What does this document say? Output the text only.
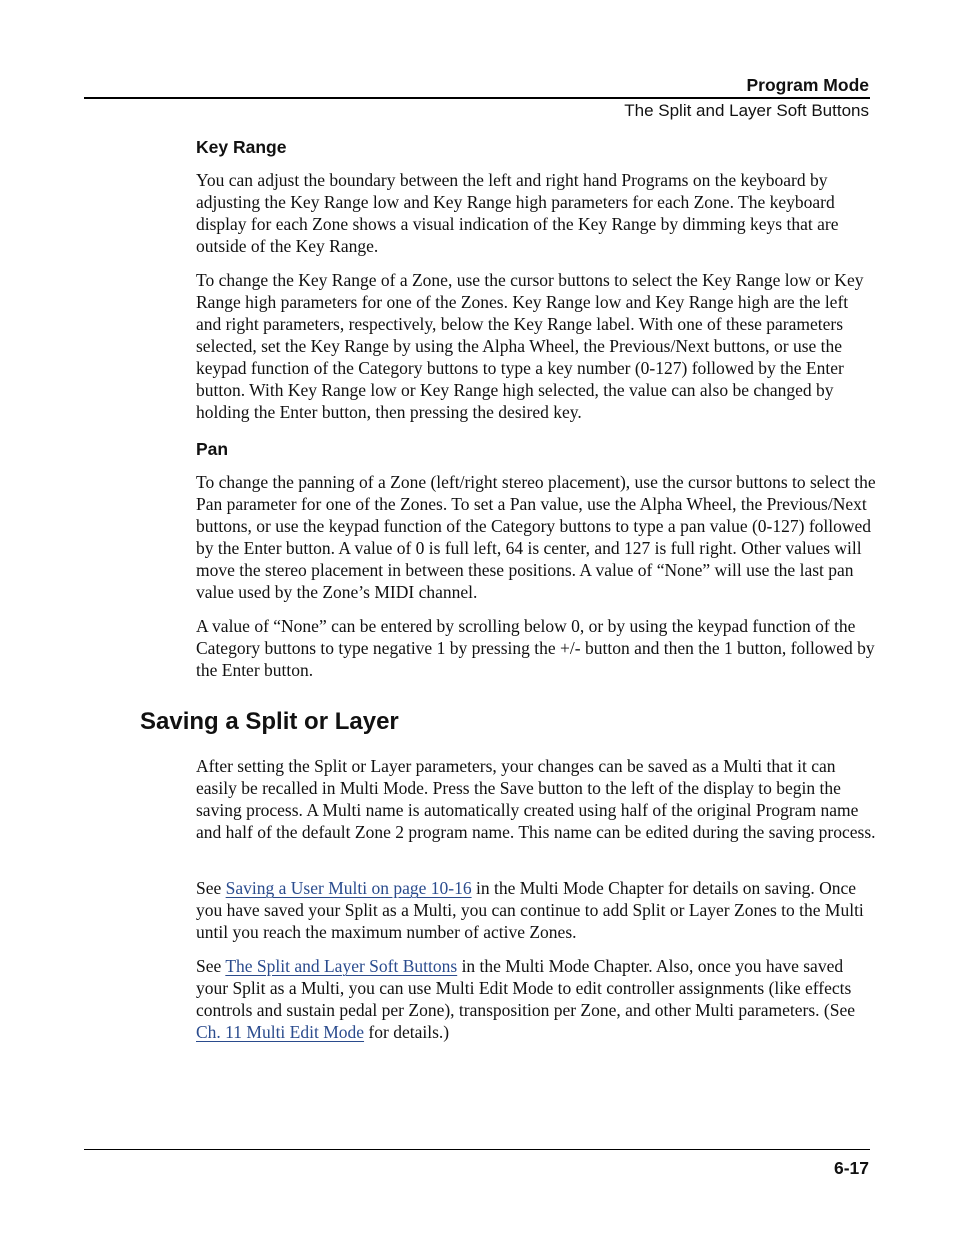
Program Mode
The Split and Layer Soft Buttons
Key Range

You can adjust the boundary between the left and right hand Programs on the keyboard by adjusting the Key Range low and Key Range high parameters for each Zone. The keyboard display for each Zone shows a visual indication of the Key Range by dimming keys that are outside of the Key Range.

To change the Key Range of a Zone, use the cursor buttons to select the Key Range low or Key Range high parameters for one of the Zones. Key Range low and Key Range high are the left and right parameters, respectively, below the Key Range label. With one of these parameters selected, set the Key Range by using the Alpha Wheel, the Previous/Next buttons, or use the keypad function of the Category buttons to type a key number (0-127) followed by the Enter button. With Key Range low or Key Range high selected, the value can also be changed by holding the Enter button, then pressing the desired key.

Pan

To change the panning of a Zone (left/right stereo placement), use the cursor buttons to select the Pan parameter for one of the Zones. To set a Pan value, use the Alpha Wheel, the Previous/Next buttons, or use the keypad function of the Category buttons to type a pan value (0-127) followed by the Enter button. A value of 0 is full left, 64 is center, and 127 is full right. Other values will move the stereo placement in between these positions. A value of “None” will use the last pan value used by the Zone’s MIDI channel.

A value of “None” can be entered by scrolling below 0, or by using the keypad function of the Category buttons to type negative 1 by pressing the +/- button and then the 1 button, followed by the Enter button.

After setting the Split or Layer parameters, your changes can be saved as a Multi that it can easily be recalled in Multi Mode. Press the Save button to the left of the display to begin the saving process. A Multi name is automatically created using half of the original Program name and half of the default Zone 2 program name. This name can be edited during the saving process.

See Saving a User Multi on page 10-16 in the Multi Mode Chapter for details on saving. Once you have saved your Split as a Multi, you can continue to add Split or Layer Zones to the Multi until you reach the maximum number of active Zones.

See The Split and Layer Soft Buttons in the Multi Mode Chapter. Also, once you have saved your Split as a Multi, you can use Multi Edit Mode to edit controller assignments (like effects controls and sustain pedal per Zone), transposition per Zone, and other Multi parameters. (See Ch. 11 Multi Edit Mode for details.)

Saving a Split or Layer
6-17
